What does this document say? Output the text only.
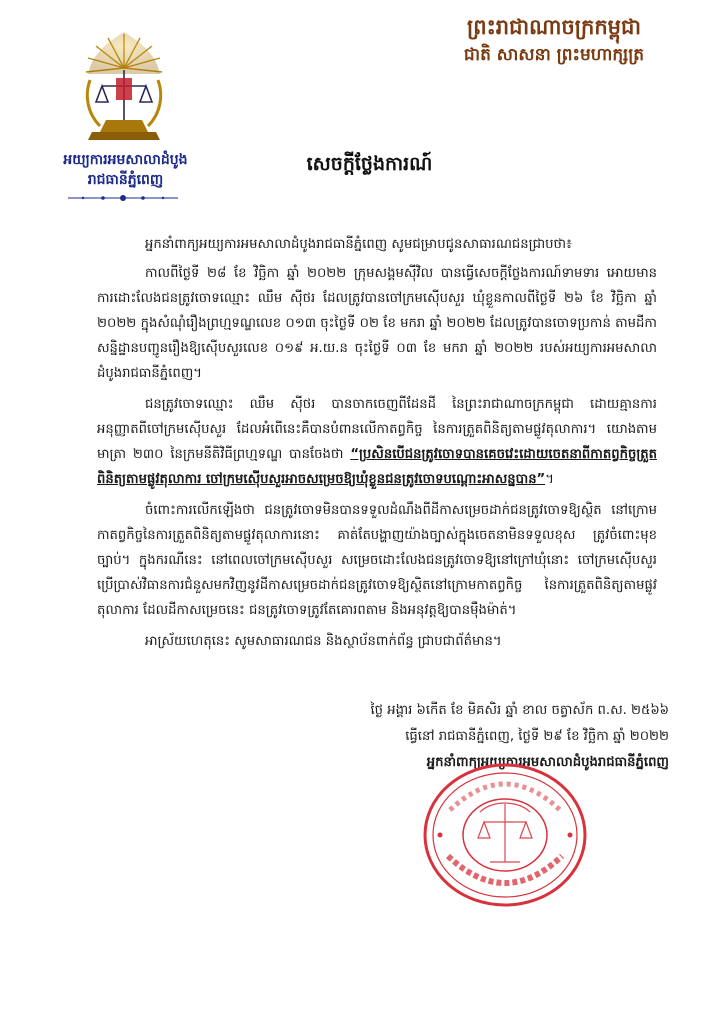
អយ្យការអមសាលាដំបូង
រាជធានីភ្នំពេញ
ព្រះរាជាណាចក្រកម្ពុជា
ជាតិ សាសនា ព្រះមហាក្សត្រ
សេចក្ដីថ្លែងការណ៍

អ្នកនាំពាក្យអយ្យការអមសាលាដំបូងរាជធានីភ្នំពេញ សូមជម្រាបជូនសាធារណជនជ្រាបថា៖

កាលពីថ្ងៃទី ២៨ ខែ វិច្ឆិកា ឆ្នាំ ២០២២ ក្រុមសង្គមស៊ីវិល បានធ្វើសេចក្ដីថ្លែងការណ៍ទាមទារ អោយមានការដោះលែងជនត្រូវចោទឈ្មោះ ឈឹម ស៊ីថរ ដែលត្រូវបានចៅក្រមស៊ើបសួរ ឃុំខ្លួនកាលពីថ្ងៃទី ២៦ ខែ វិច្ឆិកា ឆ្នាំ ២០២២ ក្នុងសំណុំរឿងព្រហ្មទណ្ឌលេខ ០១៣ ចុះថ្ងៃទី ០២ ខែ មករា ឆ្នាំ ២០២២ ដែលត្រូវបានចោទប្រកាន់ តាមដីកាសន្និដ្ឋានបញ្ជូនរឿងឱ្យស៊ើបសួរលេខ ០១៩ អ.យ.ន ចុះថ្ងៃទី ០៣ ខែ មករា ឆ្នាំ ២០២២ របស់អយ្យការអមសាលាដំបូងរាជធានីភ្នំពេញ។

ជនត្រូវចោទឈ្មោះ ឈឹម ស៊ីថរ បានចាកចេញពីដែនដី នៃព្រះរាជាណាចក្រកម្ពុជា ដោយគ្មានការ អនុញ្ញាតពីចៅក្រមស៊ើបសួរ ដែលអំពើនេះគឺបានបំពានលើកាតព្វកិច្ច នៃការត្រួតពិនិត្យតាមផ្លូវតុលាការ។ យោងតាមមាត្រា ២៣០ នៃក្រមនីតិវិធីព្រហ្មទណ្ឌ បានចែងថា “ប្រសិនបើជនត្រូវចោទបានគេចវេះដោយចេតនាពីកាតព្វកិច្ចត្រួតពិនិត្យតាមផ្លូវតុលាការ ចៅក្រមស៊ើបសួរអាចសម្រេចឱ្យឃុំខ្លួនជនត្រូវចោទបណ្ដោះអាសន្នបាន”។

ចំពោះការលើកឡើងថា ជនត្រូវចោទមិនបានទទួលដំណឹងពីដីកាសម្រេចដាក់ជនត្រូវចោទឱ្យស្ថិត នៅក្រោមកាតព្វកិច្ចនៃការត្រួតពិនិត្យតាមផ្លូវតុលាការនោះ គាត់តែបង្ហាញយ៉ាងច្បាស់ក្នុងចេតនាមិនទទួលខុស ត្រូវចំពោះមុខច្បាប់។ ក្នុងករណីនេះ នៅពេលចៅក្រមស៊ើបសួរ សម្រេចដោះលែងជនត្រូវចោទឱ្យនៅក្រៅឃុំនោះ ចៅក្រមស៊ើបសួរ ប្រើប្រាស់វិធានការជំនួសមកវិញនូវដីកាសម្រេចដាក់ជនត្រូវចោទឱ្យស្ថិតនៅក្រោមកាតព្វកិច្ច នៃការត្រួតពិនិត្យតាមផ្លូវតុលាការ ដែលដីកាសម្រេចនេះ ជនត្រូវចោទត្រូវតែគោរពតាម និងអនុវត្តឱ្យបានម៉ឺងម៉ាត់។

អាស្រ័យហេតុនេះ សូមសាធារណជន និងស្ថាប័នពាក់ព័ន្ធ ជ្រាបជាព័ត៌មាន។

ថ្ងៃ អង្គារ ៦កើត ខែ មិគសិរ ឆ្នាំ ខាល ចត្វាស័ក ព.ស. ២៥៦៦
ធ្វើនៅ រាជធានីភ្នំពេញ, ថ្ងៃទី ២៩ ខែ វិច្ឆិកា ឆ្នាំ ២០២២
អ្នកនាំពាក្យអយ្យការអមសាលាដំបូងរាជធានីភ្នំពេញ
